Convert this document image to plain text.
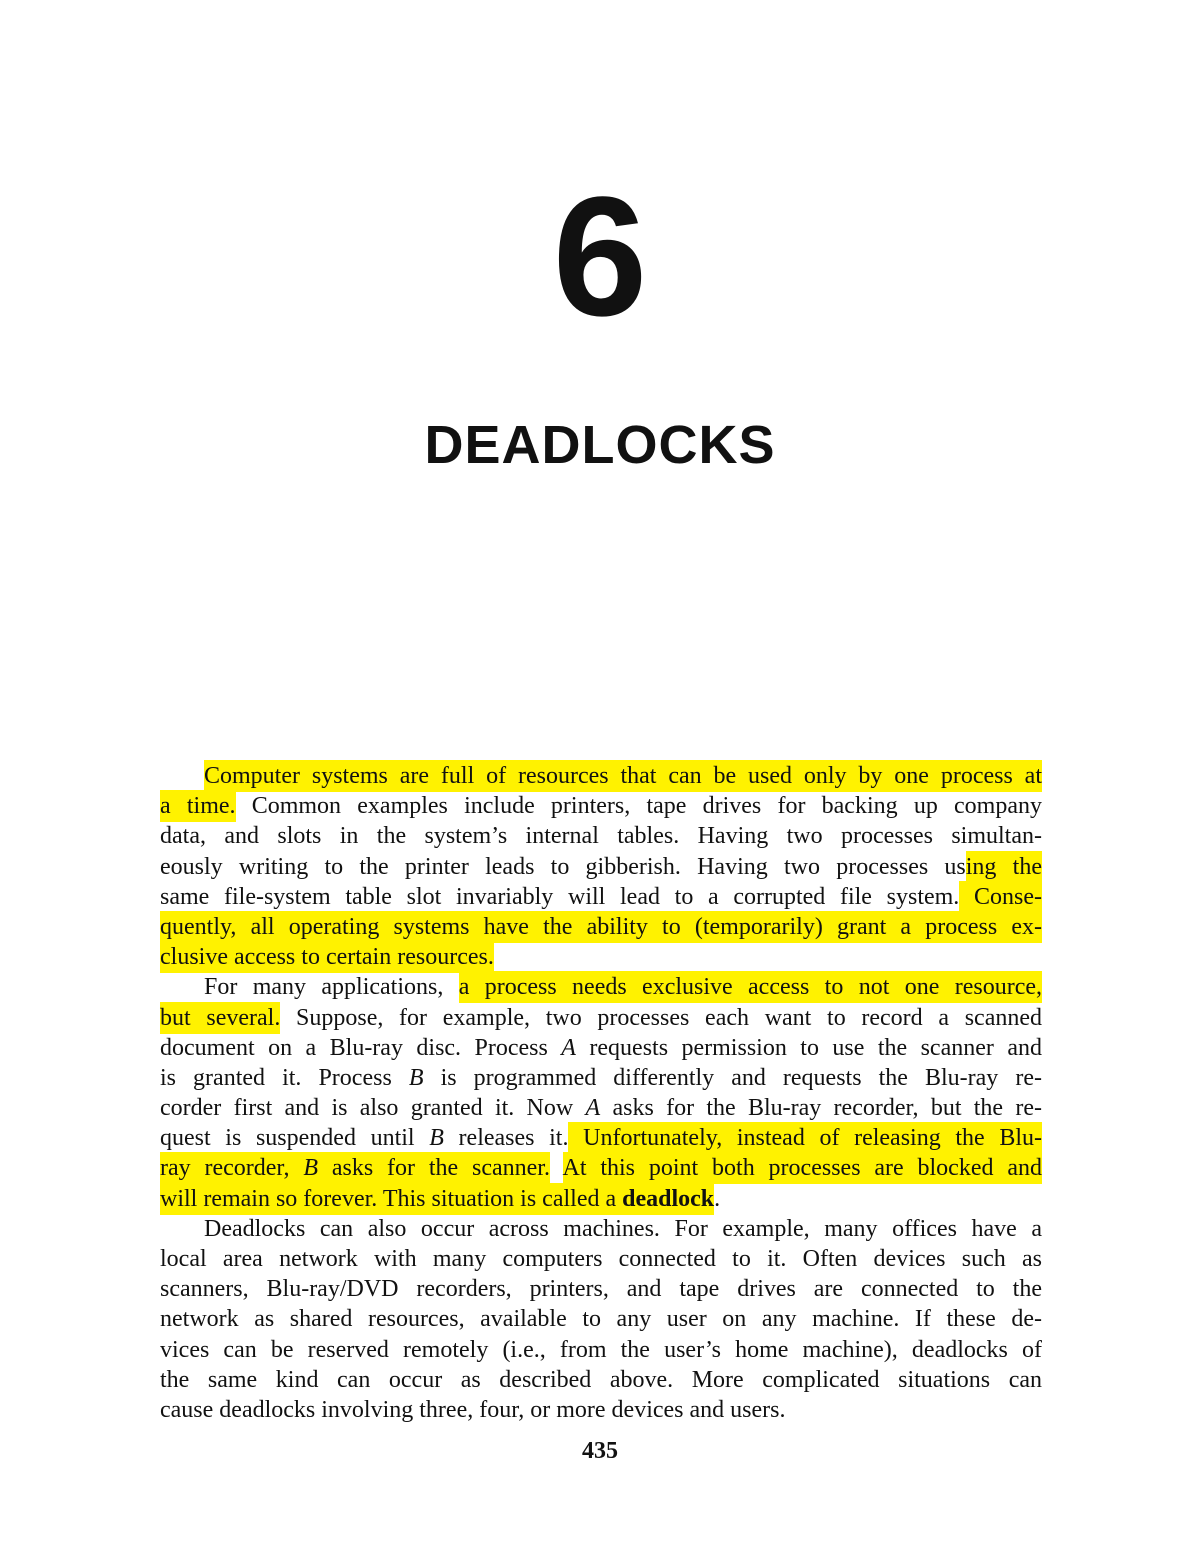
6
DEADLOCKS
Computer systems are full of resources that can be used only by one process at
a time. Common examples include printers, tape drives for backing up company
data, and slots in the system’s internal tables. Having two processes simultan-
eously writing to the printer leads to gibberish. Having two processes using the
same file-system table slot invariably will lead to a corrupted file system. Conse-
quently, all operating systems have the ability to (temporarily) grant a process ex-
clusive access to certain resources.
For many applications, a process needs exclusive access to not one resource,
but several. Suppose, for example, two processes each want to record a scanned
document on a Blu-ray disc. Process A requests permission to use the scanner and
is granted it. Process B is programmed differently and requests the Blu-ray re-
corder first and is also granted it. Now A asks for the Blu-ray recorder, but the re-
quest is suspended until B releases it. Unfortunately, instead of releasing the Blu-
ray recorder, B asks for the scanner. At this point both processes are blocked and
will remain so forever. This situation is called a deadlock.
Deadlocks can also occur across machines. For example, many offices have a
local area network with many computers connected to it. Often devices such as
scanners, Blu-ray/DVD recorders, printers, and tape drives are connected to the
network as shared resources, available to any user on any machine. If these de-
vices can be reserved remotely (i.e., from the user’s home machine), deadlocks of
the same kind can occur as described above. More complicated situations can
cause deadlocks involving three, four, or more devices and users.
435
